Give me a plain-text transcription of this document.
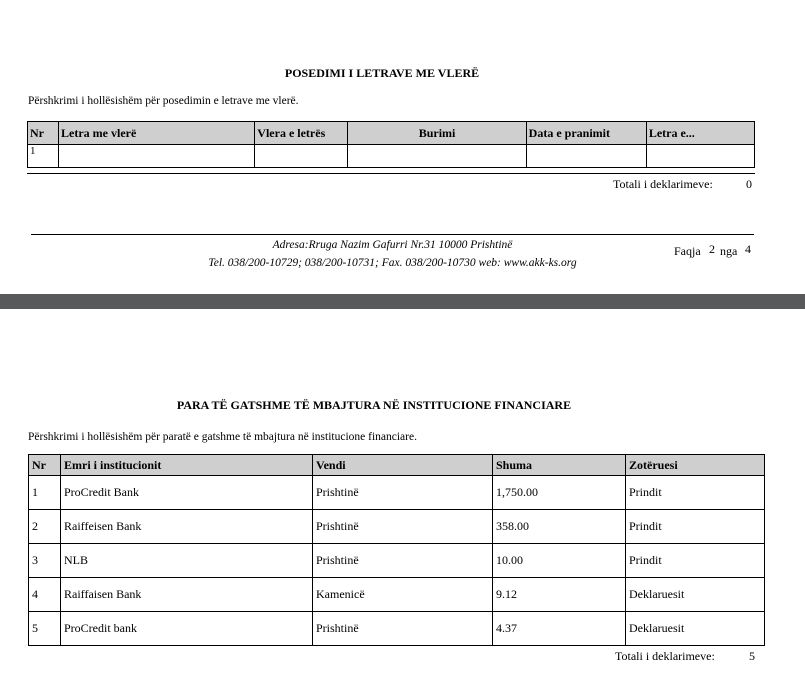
POSEDIMI I LETRAVE ME VLERË
Përshkrimi i hollësishëm për posedimin e letrave me vlerë.
Nr	Letra me vlerë	Vlera e letrës	Burimi	Data e pranimit	Letra e...
1					
Totali i deklarimeve:	0
Adresa:Rruga Nazim Gafurri Nr.31 10000 Prishtinë
Tel. 038/200-10729; 038/200-10731; Fax. 038/200-10730 web: www.akk-ks.org
Faqja 2 nga 4
PARA TË GATSHME TË MBAJTURA NË INSTITUCIONE FINANCIARE
Përshkrimi i hollësishëm për paratë e gatshme të mbajtura në institucione financiare.
Nr	Emri i institucionit	Vendi	Shuma	Zotëruesi
1	ProCredit Bank	Prishtinë	1,750.00	Prindit
2	Raiffeisen Bank	Prishtinë	358.00	Prindit
3	NLB	Prishtinë	10.00	Prindit
4	Raiffaisen Bank	Kamenicë	9.12	Deklaruesit
5	ProCredit bank	Prishtinë	4.37	Deklaruesit
Totali i deklarimeve:	5
